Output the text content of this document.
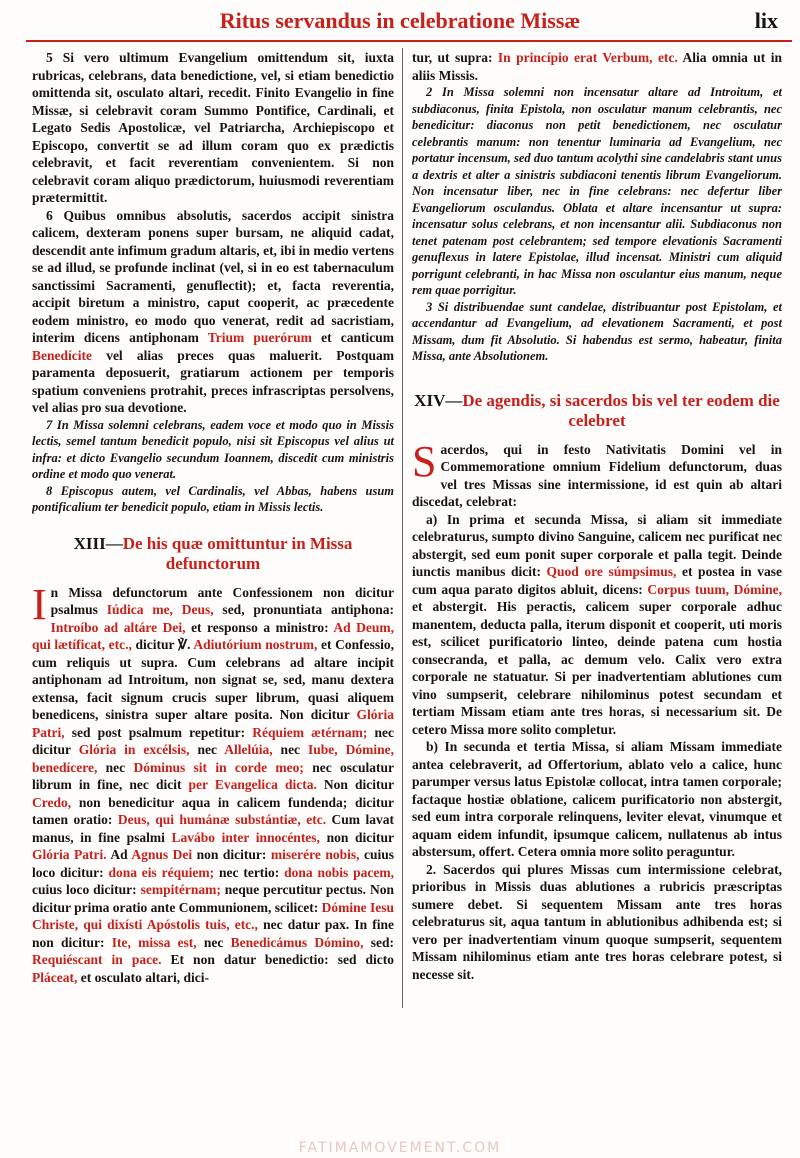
Ritus servandus in celebratione Missæ	lix

5 Si vero ultimum Evangelium omittendum sit, iuxta rubricas, celebrans, data benedictione, vel, si etiam benedictio omittenda sit, osculato altari, recedit. Finito Evangelio in fine Missæ, si celebravit coram Summo Pontifice, Cardinali, et Legato Sedis Apostolicæ, vel Patriarcha, Archiepiscopo et Episcopo, convertit se ad illum coram quo ex prædictis celebravit, et facit reverentiam convenientem. Si non celebravit coram aliquo prædictorum, huiusmodi reverentiam prætermittit.

6 Quibus omnibus absolutis, sacerdos accipit sinistra calicem, dexteram ponens super bursam, ne aliquid cadat, descendit ante infimum gradum altaris, et, ibi in medio vertens se ad illud, se profunde inclinat (vel, si in eo est tabernaculum sanctissimi Sacramenti, genuflectit); et, facta reverentia, accipit biretum a ministro, caput cooperit, ac præcedente eodem ministro, eo modo quo venerat, redit ad sacristiam, interim dicens antiphonam Trium puerórum et canticum Benedícite vel alias preces quas maluerit. Postquam paramenta deposuerit, gratiarum actionem per temporis spatium conveniens protrahit, preces infrascriptas persolvens, vel alias pro sua devotione.

7 In Missa solemni celebrans, eadem voce et modo quo in Missis lectis, semel tantum benedicit populo, nisi sit Episcopus vel alius ut infra: et dicto Evangelio secundum Ioannem, discedit cum ministris ordine et modo quo venerat.

8 Episcopus autem, vel Cardinalis, vel Abbas, habens usum pontificalium ter benedicit populo, etiam in Missis lectis.

XIII—De his quæ omittuntur in Missa defunctorum

In Missa defunctorum ante Confessionem non dicitur psalmus Iúdica me, Deus, sed, pronuntiata antiphona: Introíbo ad altáre Dei, et responso a ministro: Ad Deum, qui lætíficat, etc., dicitur ℣. Adiutórium nostrum, et Confessio, cum reliquis ut supra. Cum celebrans ad altare incipit antiphonam ad Introitum, non signat se, sed, manu dextera extensa, facit signum crucis super librum, quasi aliquem benedicens, sinistra super altare posita. Non dicitur Glória Patri, sed post psalmum repetitur: Réquiem ætérnam; nec dicitur Glória in excélsis, nec Allelúia, nec Iube, Dómine, benedícere, nec Dóminus sit in corde meo; nec osculatur librum in fine, nec dicit per Evangelica dicta. Non dicitur Credo, non benedicitur aqua in calicem fundenda; dicitur tamen oratio: Deus, qui humánæ substántiæ, etc. Cum lavat manus, in fine psalmi Lavábo inter innocéntes, non dicitur Glória Patri. Ad Agnus Dei non dicitur: miserére nobis, cuius loco dicitur: dona eis réquiem; nec tertio: dona nobis pacem, cuius loco dicitur: sempitérnam; neque percutitur pectus. Non dicitur prima oratio ante Communionem, scilicet: Dómine Iesu Christe, qui dixísti Apóstolis tuis, etc., nec datur pax. In fine non dicitur: Ite, missa est, nec Benedicámus Dómino, sed: Requiéscant in pace. Et non datur benedictio: sed dicto Pláceat, et osculato altari, dici-

tur, ut supra: In princípio erat Verbum, etc. Alia omnia ut in aliis Missis.

2 In Missa solemni non incensatur altare ad Introitum, et subdiaconus, finita Epistola, non osculatur manum celebrantis, nec benedicitur: diaconus non petit benedictionem, nec osculatur celebrantis manum: non tenentur luminaria ad Evangelium, nec portatur incensum, sed duo tantum acolythi sine candelabris stant unus a dextris et alter a sinistris subdiaconi tenentis librum Evangeliorum. Non incensatur liber, nec in fine celebrans: nec defertur liber Evangeliorum osculandus. Oblata et altare incensantur ut supra: incensatur solus celebrans, et non incensantur alii. Subdiaconus non tenet patenam post celebrantem; sed tempore elevationis Sacramenti genuflexus in latere Epistolae, illud incensat. Ministri cum aliquid porrigunt celebranti, in hac Missa non osculantur eius manum, neque rem quae porrigitur.

3 Si distribuendae sunt candelae, distribuantur post Epistolam, et accendantur ad Evangelium, ad elevationem Sacramenti, et post Missam, dum fit Absolutio. Si habendus est sermo, habeatur, finita Missa, ante Absolutionem.

XIV—De agendis, si sacerdos bis vel ter eodem die celebret

Sacerdos, qui in festo Nativitatis Domini vel in Commemoratione omnium Fidelium defunctorum, duas vel tres Missas sine intermissione, id est quin ab altari discedat, celebrat:

a) In prima et secunda Missa, si aliam sit immediate celebraturus, sumpto divino Sanguine, calicem nec purificat nec abstergit, sed eum ponit super corporale et palla tegit. Deinde iunctis manibus dicit: Quod ore súmpsimus, et postea in vase cum aqua parato digitos abluit, dicens: Corpus tuum, Dómine, et abstergit. His peractis, calicem super corporale adhuc manentem, deducta palla, iterum disponit et cooperit, uti moris est, scilicet purificatorio linteo, deinde patena cum hostia consecranda, et palla, ac demum velo. Calix vero extra corporale ne statuatur. Si per inadvertentiam ablutiones cum vino sumpserit, celebrare nihilominus potest secundam et tertiam Missam etiam ante tres horas, si necessarium sit. De cetero Missa more solito completur.

b) In secunda et tertia Missa, si aliam Missam immediate antea celebraverit, ad Offertorium, ablato velo a calice, hunc parumper versus latus Epistolæ collocat, intra tamen corporale; factaque hostiæ oblatione, calicem purificatorio non abstergit, sed eum intra corporale relinquens, leviter elevat, vinumque et aquam eidem infundit, ipsumque calicem, nullatenus ab intus abstersum, offert. Cetera omnia more solito peraguntur.

2. Sacerdos qui plures Missas cum intermissione celebrat, prioribus in Missis duas ablutiones a rubricis præscriptas sumere debet. Si sequentem Missam ante tres horas celebraturus sit, aqua tantum in ablutionibus adhibenda est; si vero per inadvertentiam vinum quoque sumpserit, sequentem Missam nihilominus etiam ante tres horas celebrare potest, si necesse sit.

FATIMAMOVEMENT.COM
